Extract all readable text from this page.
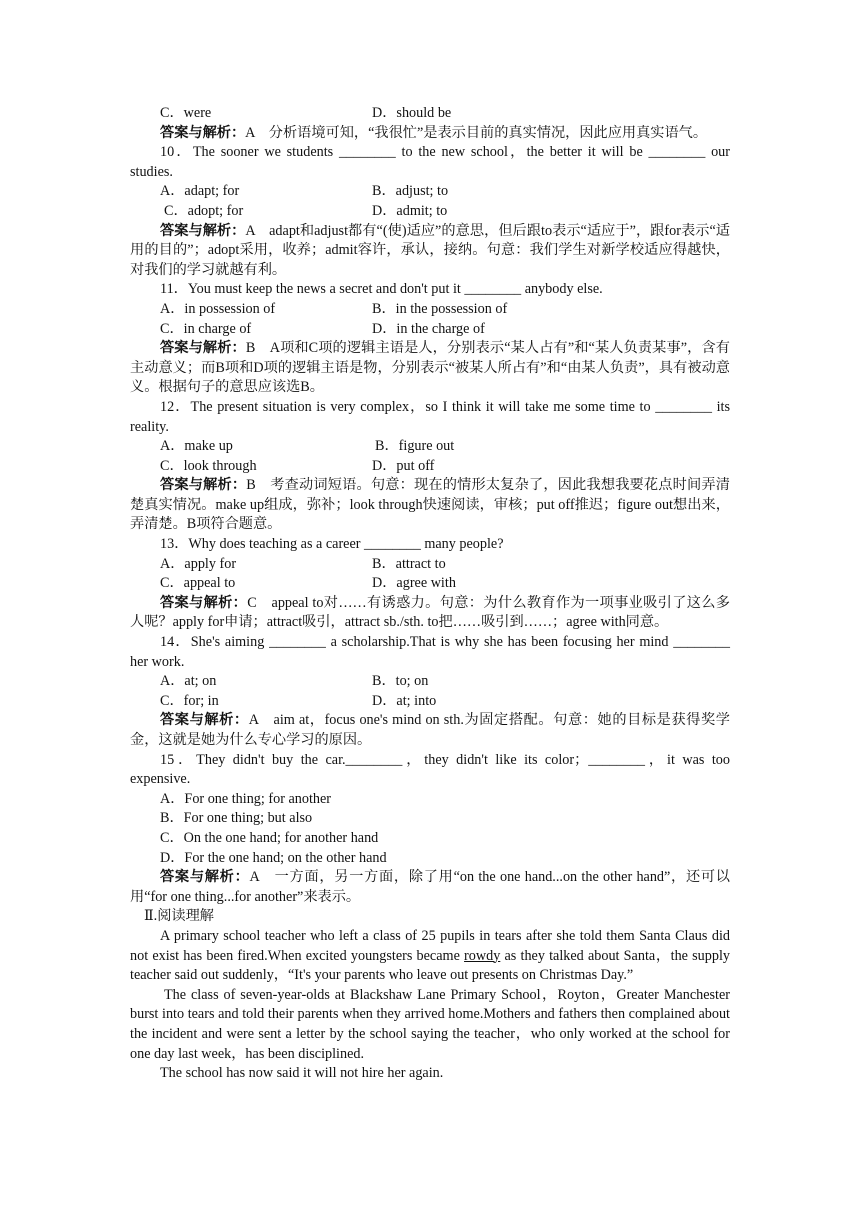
C．were	D．should be

答案与解析：A　分析语境可知，“我很忙”是表示目前的真实情况，因此应用真实语气。

10．The sooner we students ________ to the new school，the better it will be ________ our studies.

A．adapt; for	B．adjust; to
C．adopt; for	D．admit; to

答案与解析：A　adapt和adjust都有“(使)适应”的意思，但后跟to表示“适应于”，跟for表示“适用的目的”；adopt采用，收养；admit容许，承认，接纳。句意：我们学生对新学校适应得越快，对我们的学习就越有利。

11．You must keep the news a secret and don't put it ________ anybody else.

A．in possession of	B．in the possession of
C．in charge of	D．in the charge of

答案与解析：B　A项和C项的逻辑主语是人，分别表示“某人占有”和“某人负责某事”，含有主动意义；而B项和D项的逻辑主语是物，分别表示“被某人所占有”和“由某人负责”，具有被动意义。根据句子的意思应该选B。

12．The present situation is very complex，so I think it will take me some time to ________ its reality.

A．make up	B．figure out
C．look through	D．put off

答案与解析：B　考查动词短语。句意：现在的情形太复杂了，因此我想我要花点时间弄清楚真实情况。make up组成，弥补；look through快速阅读，审核；put off推迟；figure out想出来，弄清楚。B项符合题意。

13．Why does teaching as a career ________ many people?

A．apply for	B．attract to
C．appeal to	D．agree with

答案与解析：C　appeal to对……有诱惑力。句意：为什么教育作为一项事业吸引了这么多人呢？apply for申请；attract吸引，attract sb./sth. to把……吸引到……；agree with同意。

14．She's aiming ________ a scholarship.That is why she has been focusing her mind ________ her work.

A．at; on	B．to; on
C．for; in	D．at; into

答案与解析：A　aim at，focus one's mind on sth.为固定搭配。句意：她的目标是获得奖学金，这就是她为什么专心学习的原因。

15．They didn't buy the car.________，they didn't like its color；________，it was too expensive.

A．For one thing; for another
B．For one thing; but also
C．On the one hand; for another hand
D．For the one hand; on the other hand

答案与解析：A　一方面，另一方面，除了用“on the one hand...on the other hand”，还可以用“for one thing...for another”来表示。

Ⅱ.阅读理解

A primary school teacher who left a class of 25 pupils in tears after she told them Santa Claus did not exist has been fired.When excited youngsters became rowdy as they talked about Santa，the supply teacher said out suddenly，“It's your parents who leave out presents on Christmas Day.”

The class of seven-year-olds at Blackshaw Lane Primary School，Royton，Greater Manchester burst into tears and told their parents when they arrived home.Mothers and fathers then complained about the incident and were sent a letter by the school saying the teacher，who only worked at the school for one day last week，has been disciplined.

The school has now said it will not hire her again.
